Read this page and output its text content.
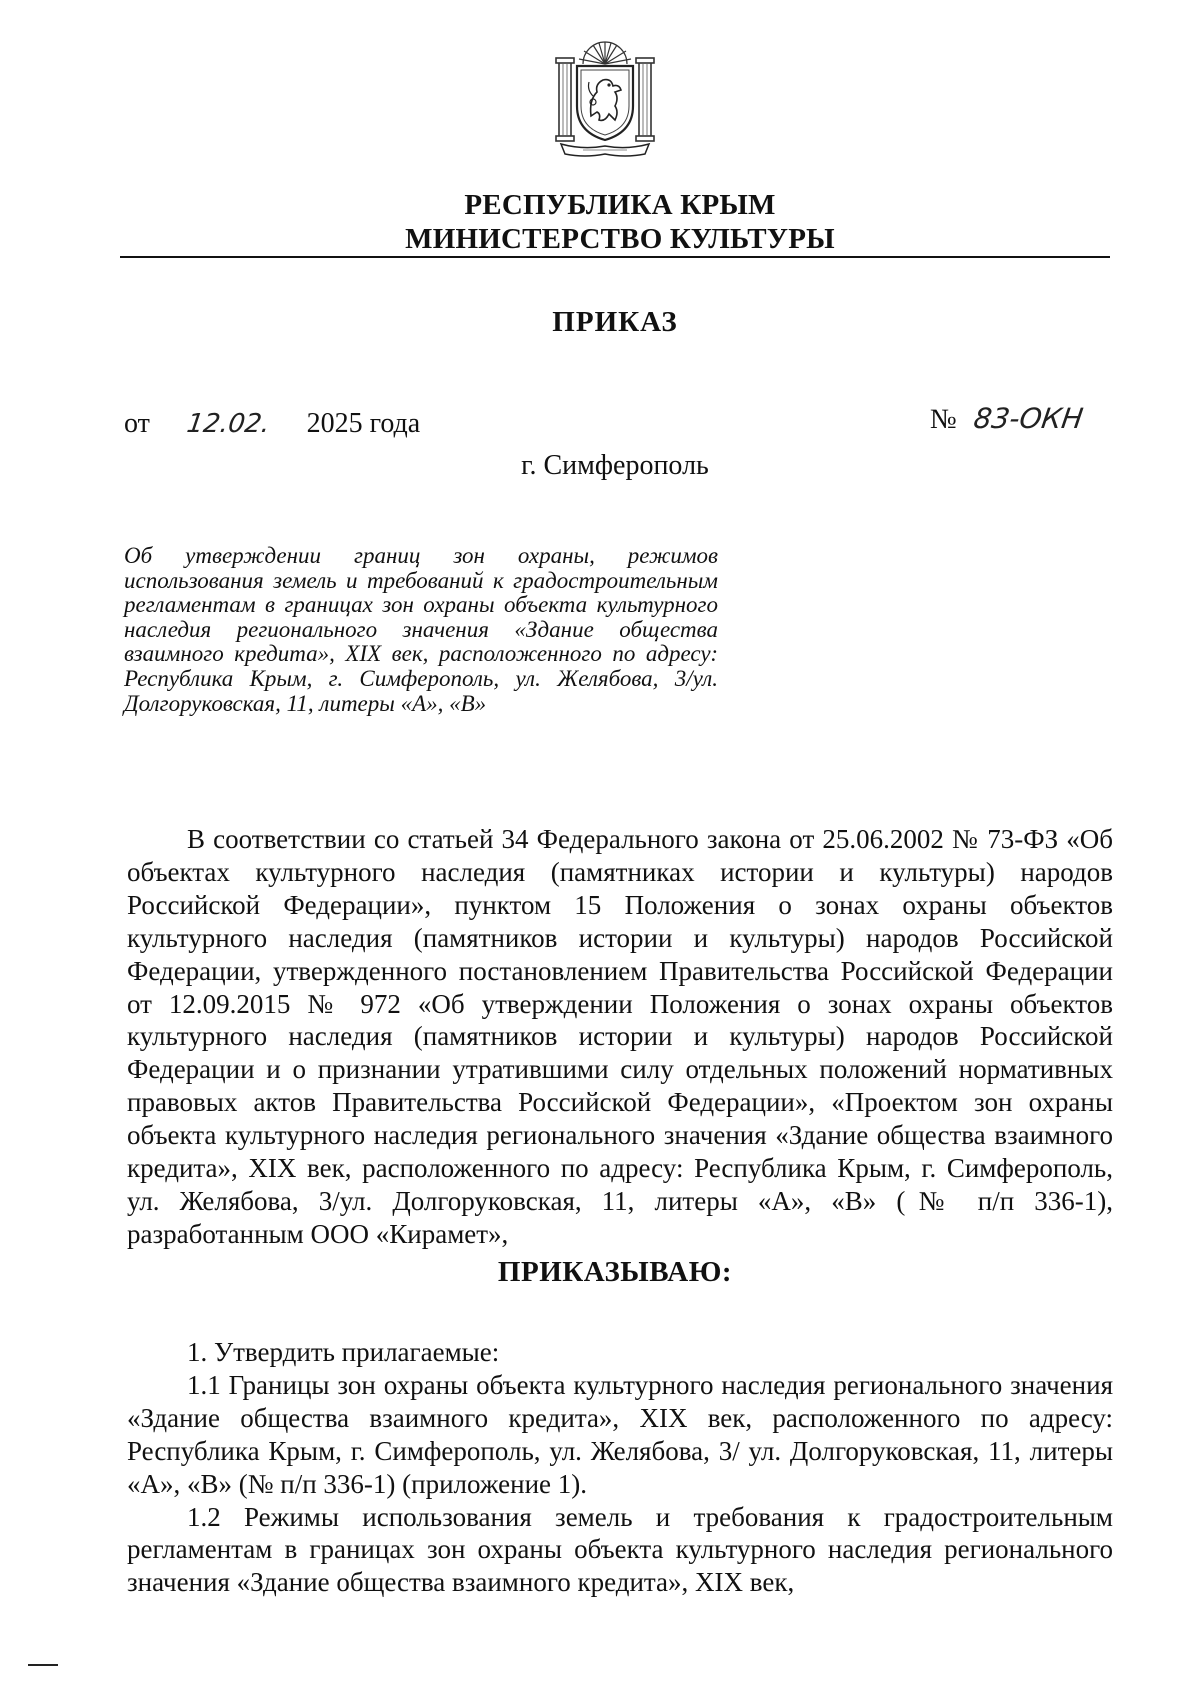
РЕСПУБЛИКА КРЫМ
МИНИСТЕРСТВО КУЛЬТУРЫ
ПРИКАЗ
от 12.02. 2025 года	№ 83-ОКН
г. Симферополь
Об утверждении границ зон охраны, режимов использования земель и требований к градостроительным регламентам в границах зон охраны объекта культурного наследия регионального значения «Здание общества взаимного кредита», XIX век, расположенного по адресу: Республика Крым, г. Симферополь, ул. Желябова, 3/ул. Долгоруковская, 11, литеры «А», «В»

В соответствии со статьей 34 Федерального закона от 25.06.2002 № 73-ФЗ «Об объектах культурного наследия (памятниках истории и культуры) народов Российской Федерации», пунктом 15 Положения о зонах охраны объектов культурного наследия (памятников истории и культуры) народов Российской Федерации, утвержденного постановлением Правительства Российской Федерации от 12.09.2015 № 972 «Об утверждении Положения о зонах охраны объектов культурного наследия (памятников истории и культуры) народов Российской Федерации и о признании утратившими силу отдельных положений нормативных правовых актов Правительства Российской Федерации», «Проектом зон охраны объекта культурного наследия регионального значения «Здание общества взаимного кредита», XIX век, расположенного по адресу: Республика Крым, г. Симферополь, ул. Желябова, 3/ул. Долгоруковская, 11, литеры «А», «В» (№ п/п 336-1), разработанным ООО «Кирамет»,

ПРИКАЗЫВАЮ:

1. Утвердить прилагаемые:

1.1 Границы зон охраны объекта культурного наследия регионального значения «Здание общества взаимного кредита», XIX век, расположенного по адресу: Республика Крым, г. Симферополь, ул. Желябова, 3/ ул. Долгоруковская, 11, литеры «А», «В» (№ п/п 336-1) (приложение 1).

1.2 Режимы использования земель и требования к градостроительным регламентам в границах зон охраны объекта культурного наследия регионального значения «Здание общества взаимного кредита», XIX век,
